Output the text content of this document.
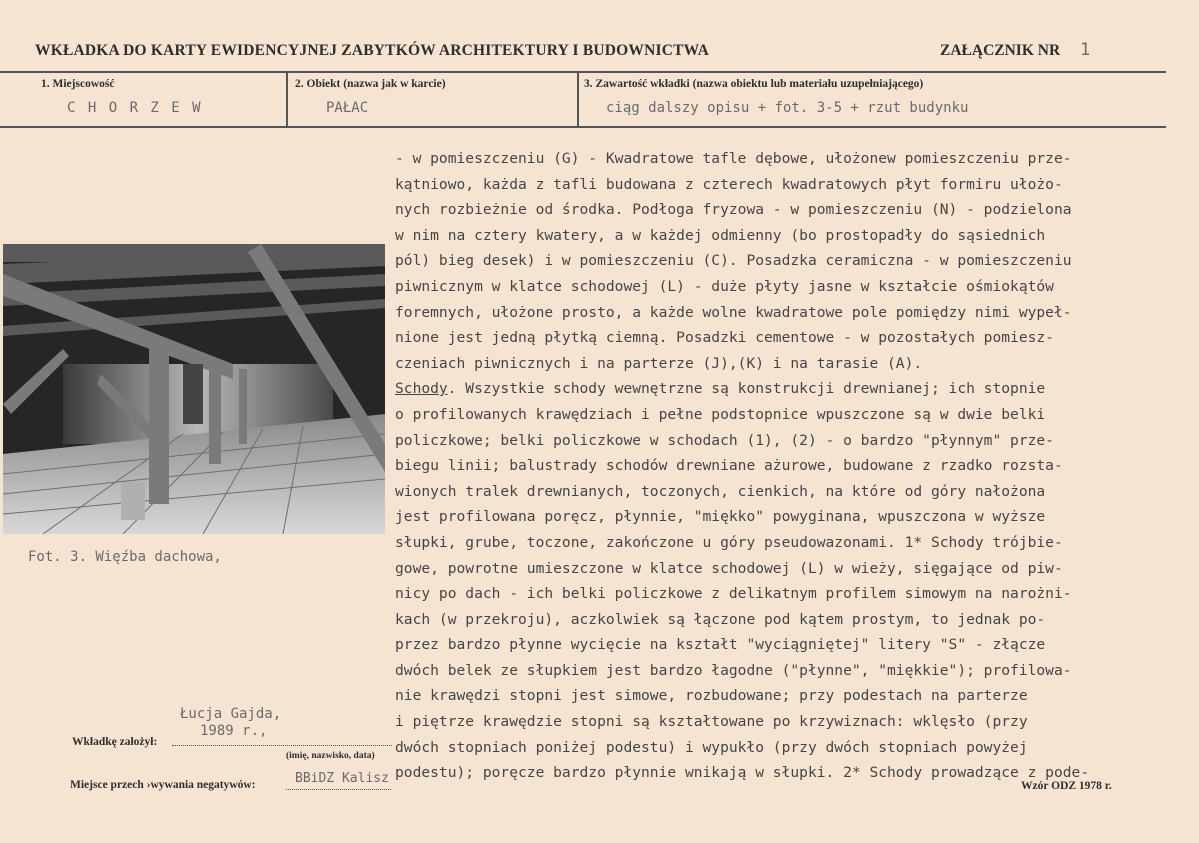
WKŁADKA DO KARTY EWIDENCYJNEJ ZABYTKÓW ARCHITEKTURY I BUDOWNICTWA	ZAŁĄCZNIK NR 1
1. Miejscowość	2. Obiekt (nazwa jak w karcie)	3. Zawartość wkładki (nazwa obiektu lub materiału uzupełniającego)
C H O R Z E W	PAŁAC	ciąg dalszy opisu + fot. 3-5 + rzut budynku
Fot. 3. Więźba dachowa,
- w pomieszczeniu (G) - Kwadratowe tafle dębowe, ułożonew pomieszczeniu prze-
kątniowo, każda z tafli budowana z czterech kwadratowych płyt formiru ułożo-
nych rozbieżnie od środka. Podłoga fryzowa - w pomieszczeniu (N) - podzielona
w nim na cztery kwatery, a w każdej odmienny (bo prostopadły do sąsiednich
pól) bieg desek) i w pomieszczeniu (C). Posadzka ceramiczna - w pomieszczeniu
piwnicznym w klatce schodowej (L) - duże płyty jasne w kształcie ośmiokątów
foremnych, ułożone prosto, a każde wolne kwadratowe pole pomiędzy nimi wypeł-
nione jest jedną płytką ciemną. Posadzki cementowe - w pozostałych pomiesz-
czeniach piwnicznych i na parterze (J),(K) i na tarasie (A).
Schody. Wszystkie schody wewnętrzne są konstrukcji drewnianej; ich stopnie
o profilowanych krawędziach i pełne podstopnice wpuszczone są w dwie belki
policzkowe; belki policzkowe w schodach (1), (2) - o bardzo "płynnym" prze-
biegu linii; balustrady schodów drewniane ażurowe, budowane z rzadko rozsta-
wionych tralek drewnianych, toczonych, cienkich, na które od góry nałożona
jest profilowana poręcz, płynnie, "miękko" powyginana, wpuszczona w wyższe
słupki, grube, toczone, zakończone u góry pseudowazonami. 1* Schody trójbie-
gowe, powrotne umieszczone w klatce schodowej (L) w wieży, sięgające od piw-
nicy po dach - ich belki policzkowe z delikatnym profilem simowym na narożni-
kach (w przekroju), aczkolwiek są łączone pod kątem prostym, to jednak po-
przez bardzo płynne wycięcie na kształt "wyciągniętej" litery "S" - złącze
dwóch belek ze słupkiem jest bardzo łagodne ("płynne", "miękkie"); profilowa-
nie krawędzi stopni jest simowe, rozbudowane; przy podestach na parterze
i piętrze krawędzie stopni są kształtowane po krzywiznach: wklęsło (przy
dwóch stopniach poniżej podestu) i wypukło (przy dwóch stopniach powyżej
podestu); poręcze bardzo płynnie wnikają w słupki. 2* Schody prowadzące z pode-
Łucja Gajda,
1989 r.,
Wkładkę założył:
(imię, nazwisko, data)
Miejsce przech ›wywania negatywów:	BBiDZ Kalisz	Wzór ODZ 1978 r.
